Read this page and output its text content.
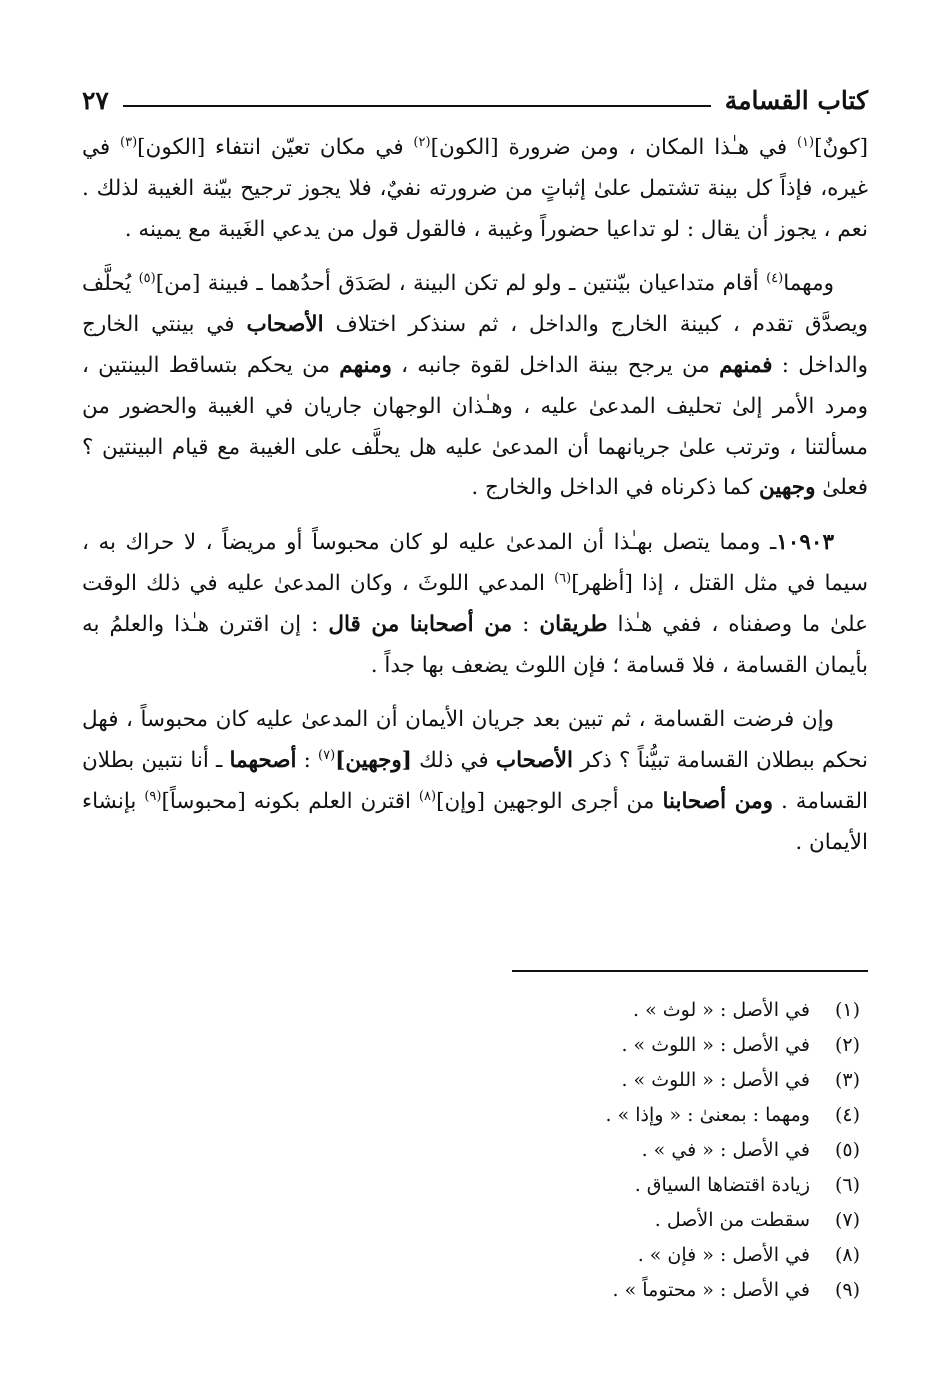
كتاب القسامة
٢٧

[كونٌ]$^{(١)}$ في هـٰذا المكان ، ومن ضرورة [الكون]$^{(٢)}$ في مكان تعيّن انتفاء [الكون]$^{(٣)}$ في غيره، فإذاً كل بينة تشتمل علىٰ إثباتٍ من ضرورته نفيٌ، فلا يجوز ترجيح بيّنة الغيبة لذلك . نعم ، يجوز أن يقال : لو تداعيا حضوراً وغيبة ، فالقول قول من يدعي الغَيبة مع يمينه .

ومهما$^{(٤)}$ أقام متداعيان بيّنتين ـ ولو لم تكن البينة ، لصَدَق أحدُهما ـ فبينة [من]$^{(٥)}$ يُحلَّف ويصدَّق تقدم ، كبينة الخارج والداخل ، ثم سنذكر اختلاف الأصحاب في بينتي الخارج والداخل : فمنهم من يرجح بينة الداخل لقوة جانبه ، ومنهم من يحكم بتساقط البينتين ، ومرد الأمر إلىٰ تحليف المدعىٰ عليه ، وهـٰذان الوجهان جاريان في الغيبة والحضور من مسألتنا ، وترتب علىٰ جريانهما أن المدعىٰ عليه هل يحلَّف على الغيبة مع قيام البينتين ؟ فعلىٰ وجهين كما ذكرناه في الداخل والخارج .

١٠٩٠٣ـ ومما يتصل بهـٰذا أن المدعىٰ عليه لو كان محبوساً أو مريضاً ، لا حراك به ، سيما في مثل القتل ، إذا [أظهر]$^{(٦)}$ المدعي اللوثَ ، وكان المدعىٰ عليه في ذلك الوقت علىٰ ما وصفناه ، ففي هـٰذا طريقان : من أصحابنا من قال : إن اقترن هـٰذا والعلمُ به بأيمان القسامة ، فلا قسامة ؛ فإن اللوث يضعف بها جداً .

وإن فرضت القسامة ، ثم تبين بعد جريان الأيمان أن المدعىٰ عليه كان محبوساً ، فهل نحكم ببطلان القسامة تبيُّناً ؟ ذكر الأصحاب في ذلك [وجهين]$^{(٧)}$ : أصحهما ـ أنا نتبين بطلان القسامة . ومن أصحابنا من أجرى الوجهين [وإن]$^{(٨)}$ اقترن العلم بكونه [محبوساً]$^{(٩)}$ بإنشاء الأيمان .

(١)
في الأصل : « لوث » .
(٢)
في الأصل : « اللوث » .
(٣)
في الأصل : « اللوث » .
(٤)
ومهما : بمعنىٰ : « وإذا » .
(٥)
في الأصل : « في » .
(٦)
زيادة اقتضاها السياق .
(٧)
سقطت من الأصل .
(٨)
في الأصل : « فإن » .
(٩)
في الأصل : « محتوماً » .
